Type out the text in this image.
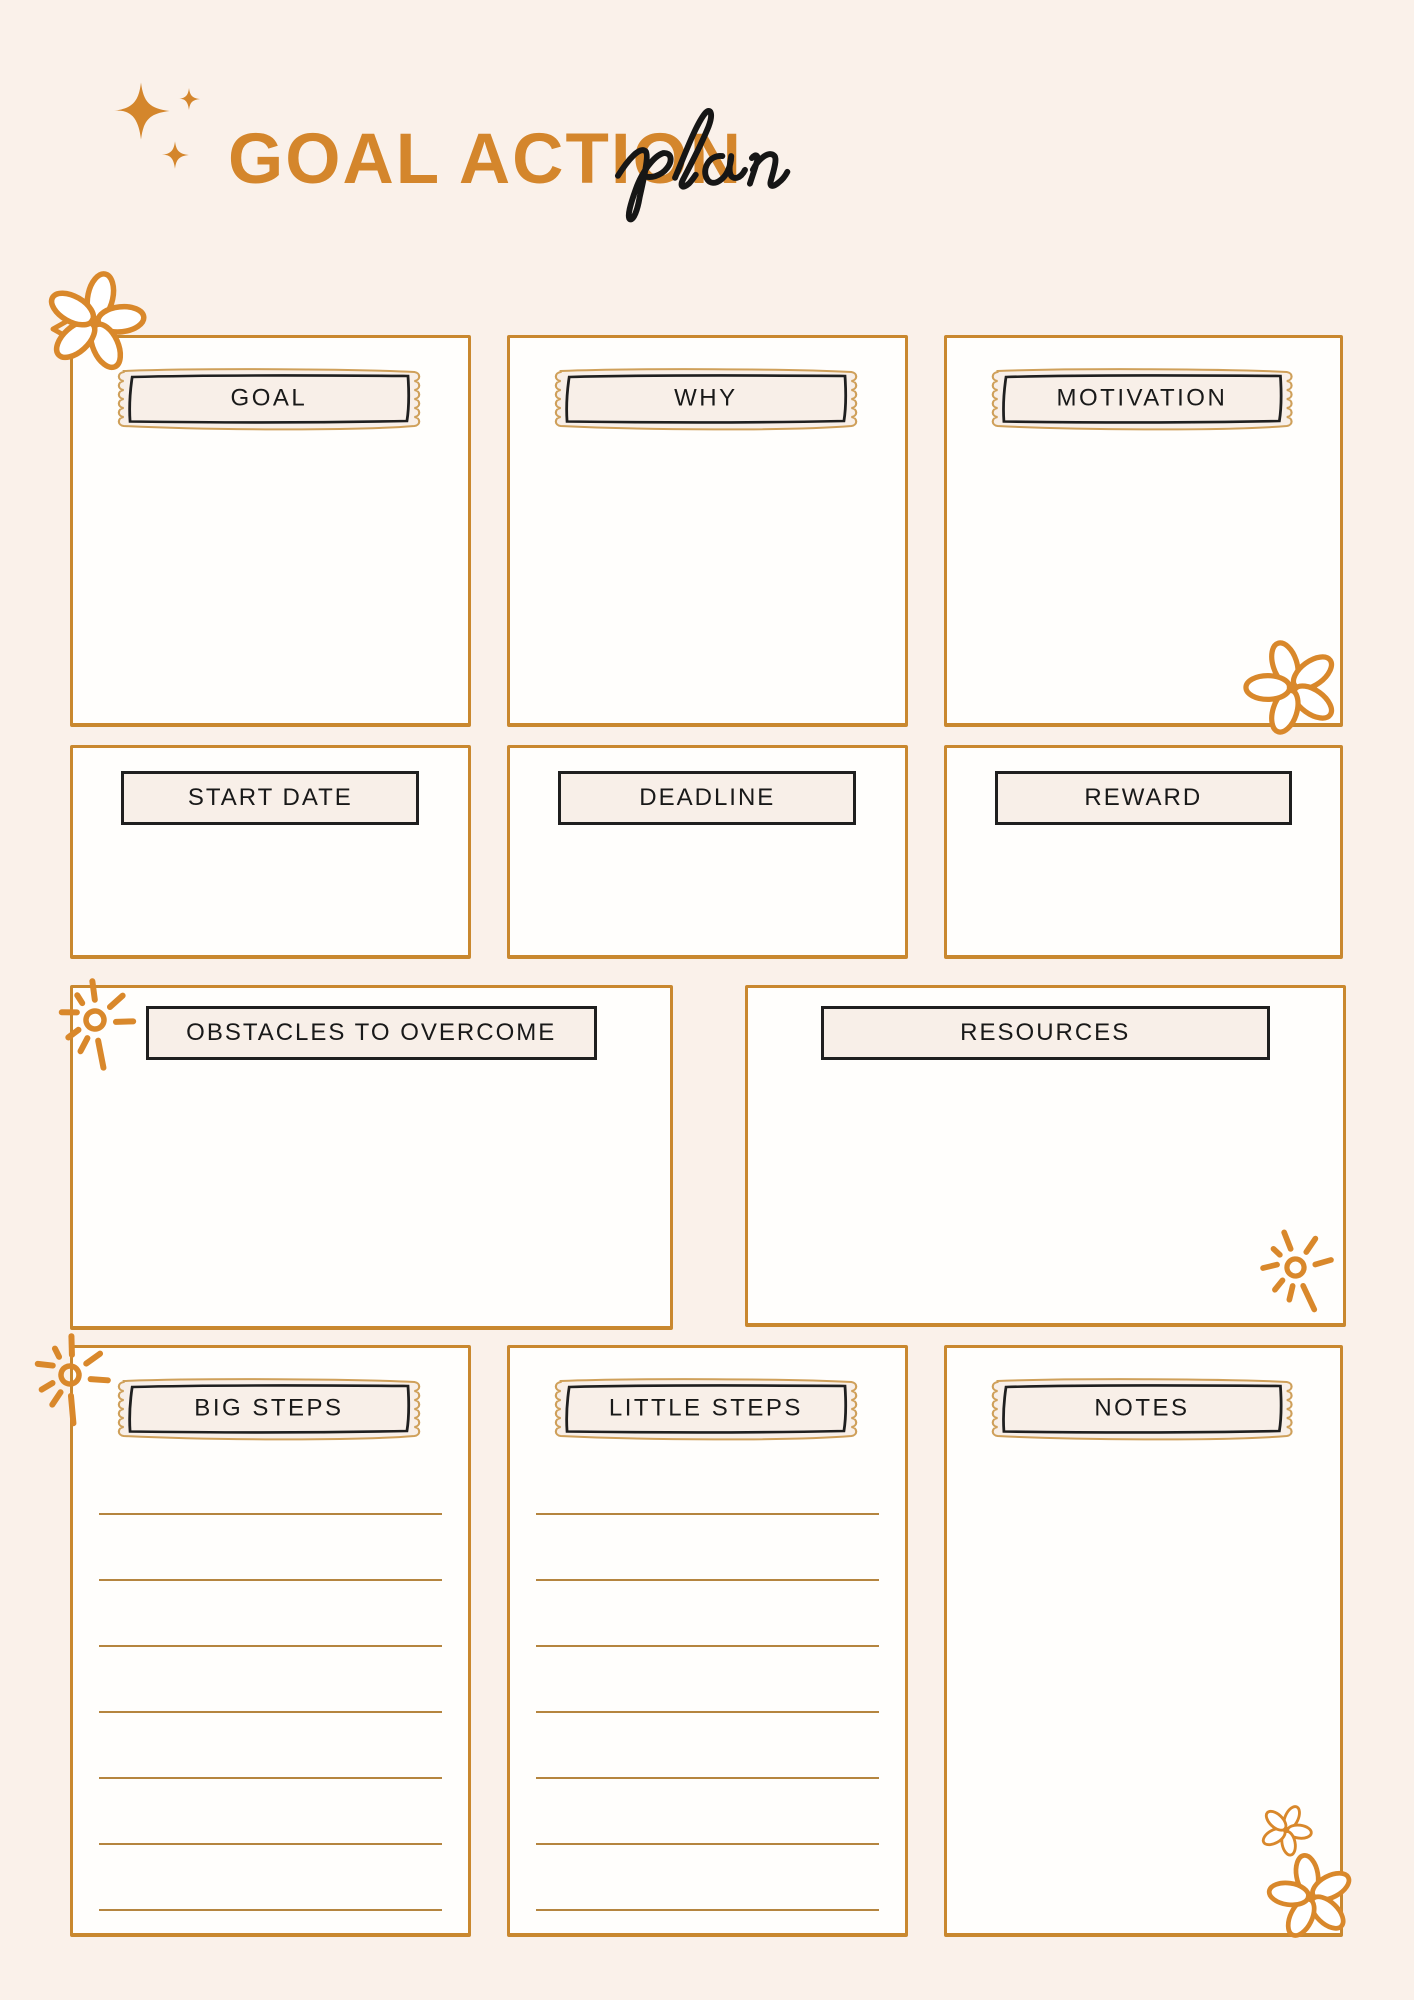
GOAL ACTION
GOAL	WHY	MOTIVATION
START DATE	DEADLINE	REWARD
OBSTACLES TO OVERCOME	RESOURCES
BIG STEPS	LITTLE STEPS	NOTES
